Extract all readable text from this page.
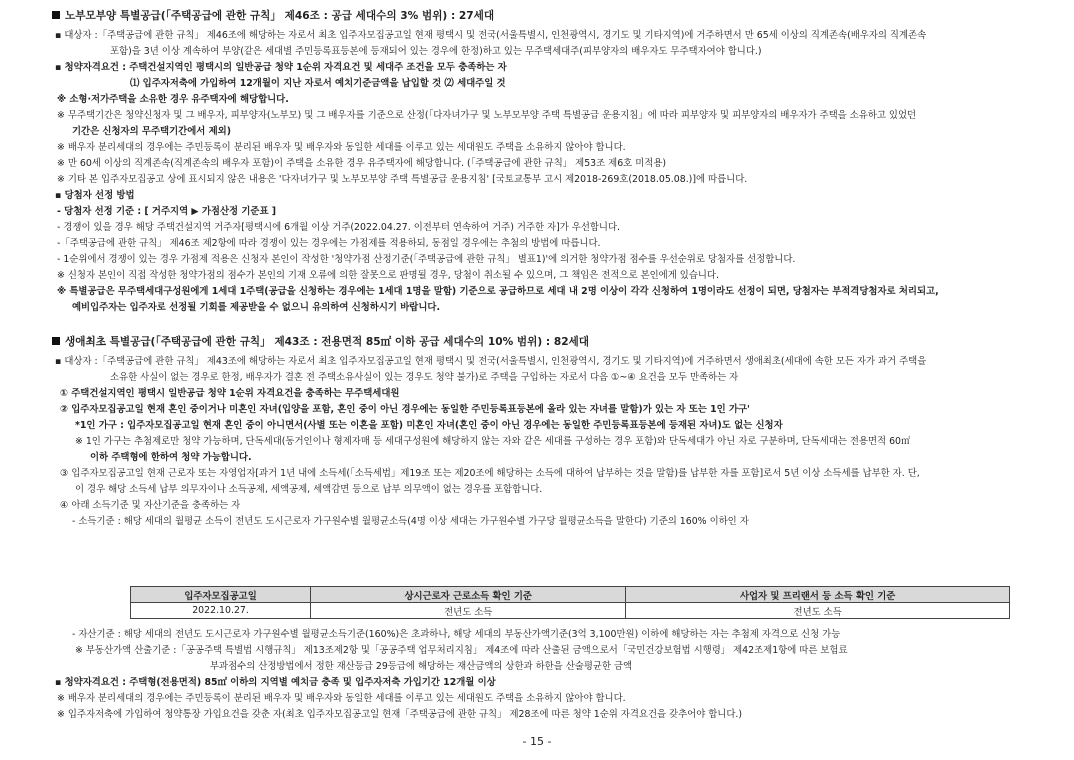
노부모부양 특별공급(「주택공급에 관한 규칙」 제46조 : 공급 세대수의 3% 범위) : 27세대
▪ 대상자 :「주택공급에 관한 규칙」 제46조에 해당하는 자로서 최초 입주자모집공고일 현재 평택시 및 전국(서울특별시, 인천광역시, 경기도 및 기타지역)에 거주하면서 만 65세 이상의 직계존속(배우자의 직계존속
포함)을 3년 이상 계속하여 부양(같은 세대별 주민등록표등본에 등재되어 있는 경우에 한정)하고 있는 무주택세대주(피부양자의 배우자도 무주택자여야 합니다.)
▪ 청약자격요건 : 주택건설지역인 평택시의 일반공급 청약 1순위 자격요건 및 세대주 조건을 모두 충족하는 자
⑴ 입주자저축에 가입하여 12개월이 지난 자로서 예치기준금액을 납입할 것 ⑵ 세대주일 것
※ 소형·저가주택을 소유한 경우 유주택자에 해당합니다.
※ 무주택기간은 청약신청자 및 그 배우자, 피부양자(노부모) 및 그 배우자를 기준으로 산정(「다자녀가구 및 노부모부양 주택 특별공급 운용지침」에 따라 피부양자 및 피부양자의 배우자가 주택을 소유하고 있었던
기간은 신청자의 무주택기간에서 제외)
※ 배우자 분리세대의 경우에는 주민등록이 분리된 배우자 및 배우자와 동일한 세대를 이루고 있는 세대원도 주택을 소유하지 않아야 합니다.
※ 만 60세 이상의 직계존속(직계존속의 배우자 포함)이 주택을 소유한 경우 유주택자에 해당합니다. (「주택공급에 관한 규칙」 제53조 제6호 미적용)
※ 기타 본 입주자모집공고 상에 표시되지 않은 내용은 '다자녀가구 및 노부모부양 주택 특별공급 운용지침' [국토교통부 고시 제2018-269호(2018.05.08.)]에 따릅니다.
▪ 당첨자 선정 방법
- 당첨자 선정 기준 : [ 거주지역 ▶ 가점산정 기준표 ]
- 경쟁이 있을 경우 해당 주택건설지역 거주자[평택시에 6개월 이상 거주(2022.04.27. 이전부터 연속하여 거주) 거주한 자]가 우선합니다.
-「주택공급에 관한 규칙」 제46조 제2항에 따라 경쟁이 있는 경우에는 가점제를 적용하되, 동점일 경우에는 추첨의 방법에 따릅니다.
- 1순위에서 경쟁이 있는 경우 가점제 적용은 신청자 본인이 작성한 '청약가점 산정기준(「주택공급에 관한 규칙」 별표1)'에 의거한 청약가점 점수를 우선순위로 당첨자를 선정합니다.
※ 신청자 본인이 직접 작성한 청약가점의 점수가 본인의 기재 오류에 의한 잘못으로 판명될 경우, 당첨이 취소될 수 있으며, 그 책임은 전적으로 본인에게 있습니다.
※ 특별공급은 무주택세대구성원에게 1세대 1주택(공급을 신청하는 경우에는 1세대 1명을 말함) 기준으로 공급하므로 세대 내 2명 이상이 각각 신청하여 1명이라도 선정이 되면, 당첨자는 부적격당첨자로 처리되고,
예비입주자는 입주자로 선정될 기회를 제공받을 수 없으니 유의하여 신청하시기 바랍니다.
생애최초 특별공급(「주택공급에 관한 규칙」 제43조 : 전용면적 85㎡ 이하 공급 세대수의 10% 범위) : 82세대
▪ 대상자 :「주택공급에 관한 규칙」 제43조에 해당하는 자로서 최초 입주자모집공고일 현재 평택시 및 전국(서울특별시, 인천광역시, 경기도 및 기타지역)에 거주하면서 생애최초(세대에 속한 모든 자가 과거 주택을
소유한 사실이 없는 경우로 한정, 배우자가 결혼 전 주택소유사실이 있는 경우도 청약 불가)로 주택을 구입하는 자로서 다음 ①~④ 요건을 모두 만족하는 자
① 주택건설지역인 평택시 일반공급 청약 1순위 자격요건을 충족하는 무주택세대원
② 입주자모집공고일 현재 혼인 중이거나 미혼인 자녀(입양을 포함, 혼인 중이 아닌 경우에는 동일한 주민등록표등본에 올라 있는 자녀를 말함)가 있는 자 또는 1인 가구'
*1인 가구 : 입주자모집공고일 현재 혼인 중이 아니면서(사별 또는 이혼을 포함) 미혼인 자녀(혼인 중이 아닌 경우에는 동일한 주민등록표등본에 등재된 자녀)도 없는 신청자
※ 1인 가구는 추첨제로만 청약 가능하며, 단독세대(동거인이나 형제자매 등 세대구성원에 해당하지 않는 자와 같은 세대를 구성하는 경우 포함)와 단독세대가 아닌 자로 구분하며, 단독세대는 전용면적 60㎡
이하 주택형에 한하여 청약 가능합니다.
③ 입주자모집공고일 현재 근로자 또는 자영업자[과거 1년 내에 소득세(「소득세법」제19조 또는 제20조에 해당하는 소득에 대하여 납부하는 것을 말함)를 납부한 자를 포함]로서 5년 이상 소득세를 납부한 자. 단,
이 경우 해당 소득세 납부 의무자이나 소득공제, 세액공제, 세액감면 등으로 납부 의무액이 없는 경우를 포함합니다.
④ 아래 소득기준 및 자산기준을 충족하는 자
- 소득기준 : 해당 세대의 월평균 소득이 전년도 도시근로자 가구원수별 월평균소득(4명 이상 세대는 가구원수별 가구당 월평균소득을 말한다) 기준의 160% 이하인 자
입주자모집공고일	상시근로자 근로소득 확인 기준	사업자 및 프리랜서 등 소득 확인 기준
2022.10.27.	전년도 소득	전년도 소득
- 자산기준 : 해당 세대의 전년도 도시근로자 가구원수별 월평균소득기준(160%)은 초과하나, 해당 세대의 부동산가액기준(3억 3,100만원) 이하에 해당하는 자는 추첨제 자격으로 신청 가능
※ 부동산가액 산출기준 :「공공주택 특별법 시행규칙」 제13조제2항 및「공공주택 업무처리지침」 제4조에 따라 산출된 금액으로서「국민건강보험법 시행령」 제42조제1항에 따른 보험료
부과점수의 산정방법에서 정한 재산등급 29등급에 해당하는 재산금액의 상한과 하한을 산술평균한 금액
▪ 청약자격요건 : 주택형(전용면적) 85㎡ 이하의 지역별 예치금 충족 및 입주자저축 가입기간 12개월 이상
※ 배우자 분리세대의 경우에는 주민등록이 분리된 배우자 및 배우자와 동일한 세대를 이루고 있는 세대원도 주택을 소유하지 않아야 합니다.
※ 입주자저축에 가입하여 청약통장 가입요건을 갖춘 자(최초 입주자모집공고일 현재「주택공급에 관한 규칙」 제28조에 따른 청약 1순위 자격요건을 갖추어야 합니다.)
- 15 -
